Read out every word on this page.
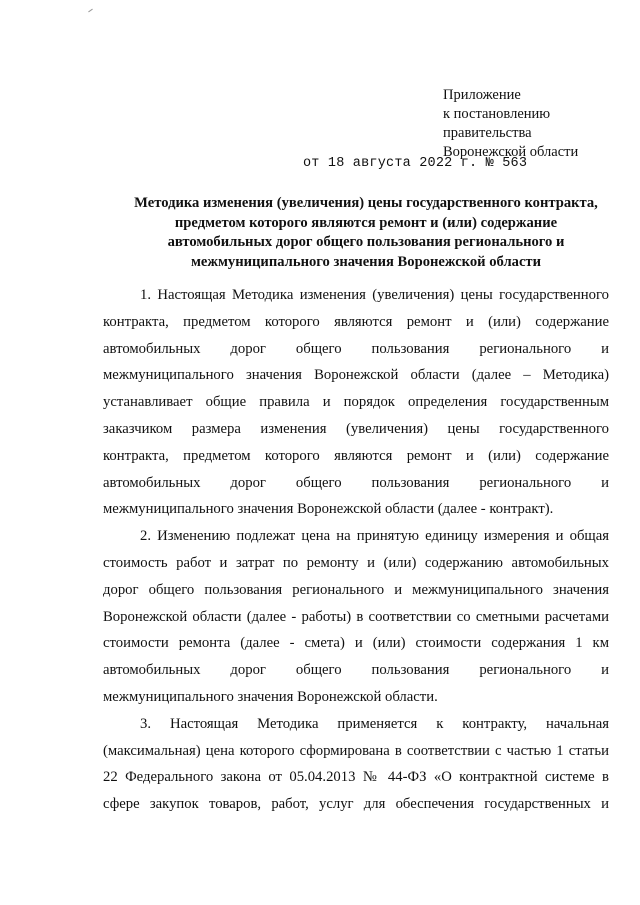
Приложение
к постановлению
правительства
Воронежской области
от 18 августа 2022 г. № 563
Методика изменения (увеличения) цены государственного контракта,
предметом которого являются ремонт и (или) содержание
автомобильных дорог общего пользования регионального и
межмуниципального значения Воронежской области
1. Настоящая Методика изменения (увеличения) цены государственного
контракта, предметом которого являются ремонт и (или) содержание
автомобильных дорог общего пользования регионального и
межмуниципального значения Воронежской области (далее – Методика)
устанавливает общие правила и порядок определения государственным
заказчиком размера изменения (увеличения) цены государственного
контракта, предметом которого являются ремонт и (или) содержание
автомобильных дорог общего пользования регионального и
межмуниципального значения Воронежской области (далее - контракт).
2. Изменению подлежат цена на принятую единицу измерения и общая
стоимость работ и затрат по ремонту и (или) содержанию автомобильных
дорог общего пользования регионального и межмуниципального значения
Воронежской области (далее - работы) в соответствии со сметными расчетами
стоимости ремонта (далее - смета) и (или) стоимости содержания 1 км
автомобильных дорог общего пользования регионального и
межмуниципального значения Воронежской области.
3. Настоящая Методика применяется к контракту, начальная
(максимальная) цена которого сформирована в соответствии с частью 1 статьи
22 Федерального закона от 05.04.2013 № 44-ФЗ «О контрактной системе в
сфере закупок товаров, работ, услуг для обеспечения государственных и
